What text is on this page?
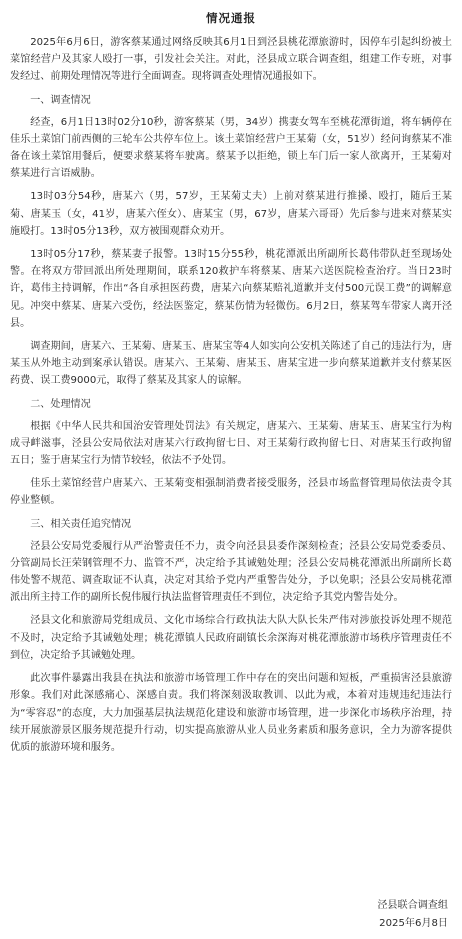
情况通报

2025年6月6日，游客蔡某通过网络反映其6月1日到泾县桃花潭旅游时，因停车引起纠纷被土菜馆经营户及其家人殴打一事，引发社会关注。对此，泾县成立联合调查组，组建工作专班，对事发经过、前期处理情况等进行全面调查。现将调查处理情况通报如下。

一、调查情况

经查，6月1日13时02分10秒，游客蔡某（男，34岁）携妻女驾车至桃花潭街道，将车辆停在佳乐土菜馆门前西侧的三轮车公共停车位上。该土菜馆经营户王某菊（女，51岁）经问询蔡某不准备在该土菜馆用餐后，便要求蔡某将车驶离。蔡某予以拒绝，锁上车门后一家人欲离开，王某菊对蔡某进行言语威胁。

13时03分54秒，唐某六（男，57岁，王某菊丈夫）上前对蔡某进行推搡、殴打，随后王某菊、唐某玉（女，41岁，唐某六侄女）、唐某宝（男，67岁，唐某六哥哥）先后参与进来对蔡某实施殴打。13时05分13秒，双方被围观群众劝开。

13时05分17秒，蔡某妻子报警。13时15分55秒，桃花潭派出所副所长葛伟带队赶至现场处警。在将双方带回派出所处理期间，联系120救护车将蔡某、唐某六送医院检查治疗。当日23时许，葛伟主持调解，作出“各自承担医药费，唐某六向蔡某赔礼道歉并支付500元误工费”的调解意见。冲突中蔡某、唐某六受伤，经法医鉴定，蔡某伤情为轻微伤。6月2日，蔡某驾车带家人离开泾县。

调查期间，唐某六、王某菊、唐某玉、唐某宝等4人如实向公安机关陈述了自己的违法行为，唐某玉从外地主动到案承认错误。唐某六、王某菊、唐某玉、唐某宝进一步向蔡某道歉并支付蔡某医药费、误工费9000元，取得了蔡某及其家人的谅解。

二、处理情况

根据《中华人民共和国治安管理处罚法》有关规定，唐某六、王某菊、唐某玉、唐某宝行为构成寻衅滋事，泾县公安局依法对唐某六行政拘留七日、对王某菊行政拘留七日、对唐某玉行政拘留五日；鉴于唐某宝行为情节较轻，依法不予处罚。

佳乐土菜馆经营户唐某六、王某菊变相强制消费者接受服务，泾县市场监督管理局依法责令其停业整顿。

三、相关责任追究情况

泾县公安局党委履行从严治警责任不力，责令向泾县县委作深刻检查；泾县公安局党委委员、分管副局长汪荣钢管理不力、监管不严，决定给予其诫勉处理；泾县公安局桃花潭派出所副所长葛伟处警不规范、调查取证不认真，决定对其给予党内严重警告处分，予以免职；泾县公安局桃花潭派出所主持工作的副所长倪伟履行执法监督管理责任不到位，决定给予其党内警告处分。

泾县文化和旅游局党组成员、文化市场综合行政执法大队大队长朱严伟对涉旅投诉处理不规范不及时，决定给予其诫勉处理；桃花潭镇人民政府副镇长余深海对桃花潭旅游市场秩序管理责任不到位，决定给予其诫勉处理。

此次事件暴露出我县在执法和旅游市场管理工作中存在的突出问题和短板，严重损害泾县旅游形象。我们对此深感痛心、深感自责。我们将深刻汲取教训、以此为戒，本着对违规违纪违法行为“零容忍”的态度，大力加强基层执法规范化建设和旅游市场管理，进一步深化市场秩序治理，持续开展旅游景区服务规范提升行动，切实提高旅游从业人员业务素质和服务意识，全力为游客提供优质的旅游环境和服务。

泾县联合调查组
2025年6月8日
